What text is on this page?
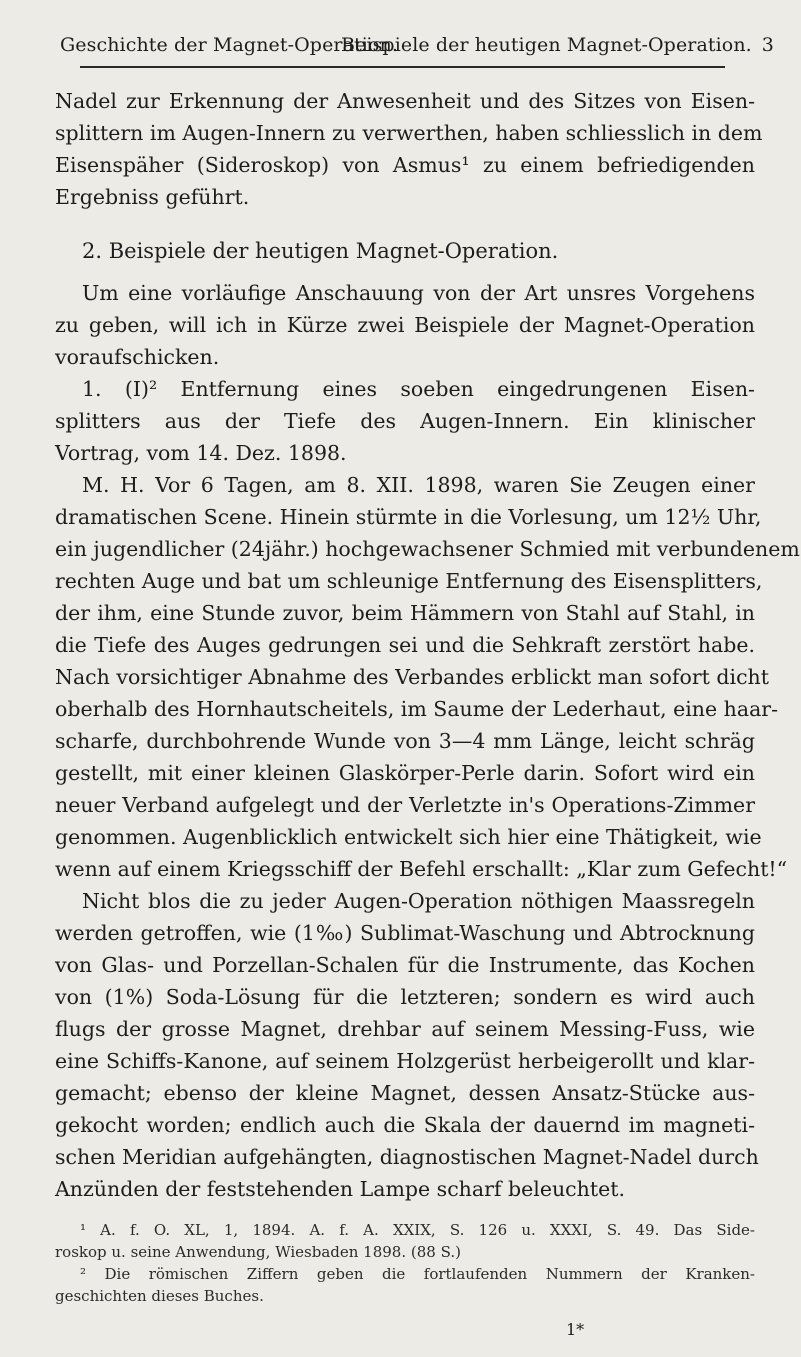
Geschichte der Magnet-Operation.
Beispiele der heutigen Magnet-Operation. 3
Nadel zur Erkennung der Anwesenheit und des Sitzes von Eisen-
splittern im Augen-Innern zu verwerthen, haben schliesslich in dem
Eisenspäher (Sideroskop) von Asmus¹ zu einem befriedigenden
Ergebniss geführt.
2. Beispiele der heutigen Magnet-Operation.
Um eine vorläufige Anschauung von der Art unsres Vorgehens
zu geben, will ich in Kürze zwei Beispiele der Magnet-Operation
voraufschicken.
1. (I)² Entfernung eines soeben eingedrungenen Eisen-
splitters aus der Tiefe des Augen-Innern. Ein klinischer
Vortrag, vom 14. Dez. 1898.
M. H. Vor 6 Tagen, am 8. XII. 1898, waren Sie Zeugen einer
dramatischen Scene. Hinein stürmte in die Vorlesung, um 12½ Uhr,
ein jugendlicher (24jähr.) hochgewachsener Schmied mit verbundenem
rechten Auge und bat um schleunige Entfernung des Eisensplitters,
der ihm, eine Stunde zuvor, beim Hämmern von Stahl auf Stahl, in
die Tiefe des Auges gedrungen sei und die Sehkraft zerstört habe.
Nach vorsichtiger Abnahme des Verbandes erblickt man sofort dicht
oberhalb des Hornhautscheitels, im Saume der Lederhaut, eine haar-
scharfe, durchbohrende Wunde von 3—4 mm Länge, leicht schräg
gestellt, mit einer kleinen Glaskörper-Perle darin. Sofort wird ein
neuer Verband aufgelegt und der Verletzte in's Operations-Zimmer
genommen. Augenblicklich entwickelt sich hier eine Thätigkeit, wie
wenn auf einem Kriegsschiff der Befehl erschallt: „Klar zum Gefecht!“
Nicht blos die zu jeder Augen-Operation nöthigen Maassregeln
werden getroffen, wie (1‰) Sublimat-Waschung und Abtrocknung
von Glas- und Porzellan-Schalen für die Instrumente, das Kochen
von (1%) Soda-Lösung für die letzteren; sondern es wird auch
flugs der grosse Magnet, drehbar auf seinem Messing-Fuss, wie
eine Schiffs-Kanone, auf seinem Holzgerüst herbeigerollt und klar-
gemacht; ebenso der kleine Magnet, dessen Ansatz-Stücke aus-
gekocht worden; endlich auch die Skala der dauernd im magneti-
schen Meridian aufgehängten, diagnostischen Magnet-Nadel durch
Anzünden der feststehenden Lampe scharf beleuchtet.
¹ A. f. O. XL, 1, 1894. A. f. A. XXIX, S. 126 u. XXXI, S. 49. Das Side-
roskop u. seine Anwendung, Wiesbaden 1898. (88 S.)
² Die römischen Ziffern geben die fortlaufenden Nummern der Kranken-
geschichten dieses Buches.
1*
